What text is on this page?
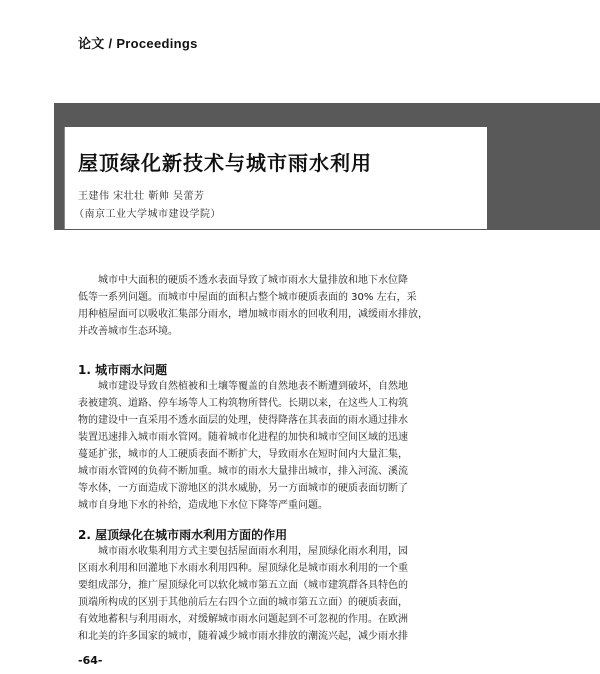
论文 / Proceedings
屋顶绿化新技术与城市雨水利用
王建伟 宋壮壮 靳帅 吴蕾芳
（南京工业大学城市建设学院）
城市中大面积的硬质不透水表面导致了城市雨水大量排放和地下水位降
低等一系列问题。而城市中屋面的面积占整个城市硬质表面的 30% 左右，采
用种植屋面可以吸收汇集部分雨水，增加城市雨水的回收利用，减缓雨水排放，
并改善城市生态环境。
1. 城市雨水问题
城市建设导致自然植被和土壤等覆盖的自然地表不断遭到破坏，自然地
表被建筑、道路、停车场等人工构筑物所替代。长期以来，在这些人工构筑
物的建设中一直采用不透水面层的处理，使得降落在其表面的雨水通过排水
装置迅速排入城市雨水管网。随着城市化进程的加快和城市空间区域的迅速
蔓延扩张，城市的人工硬质表面不断扩大，导致雨水在短时间内大量汇集，
城市雨水管网的负荷不断加重。城市的雨水大量排出城市，排入河流、溪流
等水体，一方面造成下游地区的洪水威胁，另一方面城市的硬质表面切断了
城市自身地下水的补给，造成地下水位下降等严重问题。
2. 屋顶绿化在城市雨水利用方面的作用
城市雨水收集利用方式主要包括屋面雨水利用，屋顶绿化雨水利用，园
区雨水利用和回灌地下水雨水利用四种。屋顶绿化是城市雨水利用的一个重
要组成部分，推广屋顶绿化可以软化城市第五立面（城市建筑群各具特色的
顶端所构成的区别于其他前后左右四个立面的城市第五立面）的硬质表面，
有效地蓄积与利用雨水，对缓解城市雨水问题起到不可忽视的作用。在欧洲
和北美的许多国家的城市，随着减少城市雨水排放的潮流兴起，减少雨水排
-64-
